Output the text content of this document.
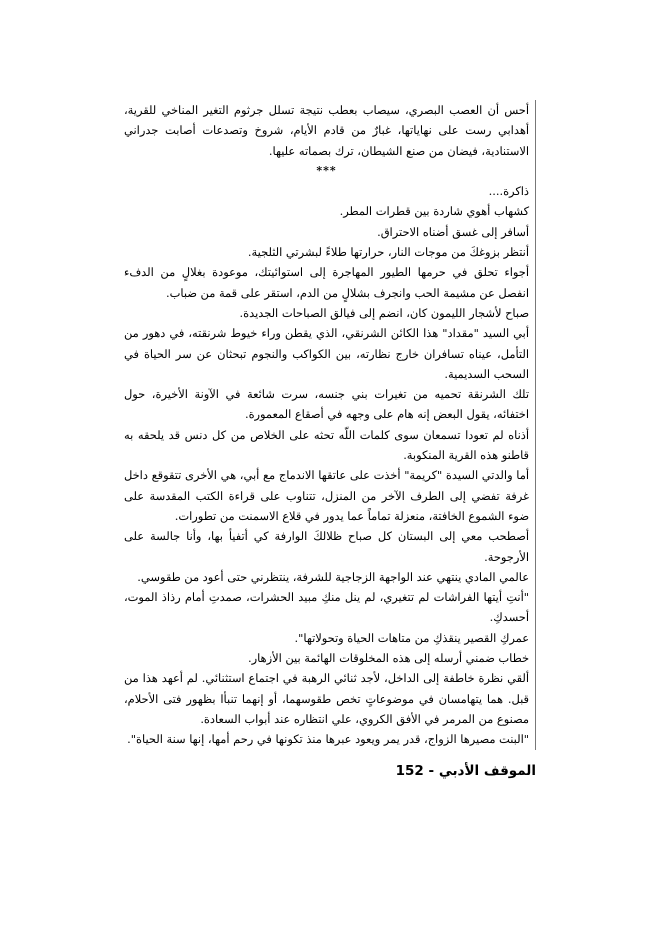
أحس أن العصب البصري، سيصاب بعطب نتيجة تسلل جرثوم التغير المناخي للقرية، أهدابي رست على نهاياتها، غبارٌ من قادم الأيام، شروخ وتصدعات أصابت جدراني الاستنادية، فيضان من صنع الشيطان، ترك بصماته عليها.

***

ذاكرة....

كشهاب أهوي شاردة بين قطرات المطر.

أسافر إلى غسق أضناه الاحتراق.

أنتظر بزوغكَ من موجات النار، حرارتها طلاءً لبشرتي الثلجية.

أجواء تحلق في حرمها الطيور المهاجرة إلى استوائيتك، موعودة بغلالٍ من الدفء انفصل عن مشيمة الحب وانجرف بشلالٍ من الدم، استقر على قمة من ضباب.

صباح لأشجار الليمون كان، انضم إلى فيالق الصباحات الجديدة.

أبي السيد "مقداد" هذا الكائن الشرنقي، الذي يقطن وراء خيوط شرنقته، في دهور من التأمل، عيناه تسافران خارج نظارته، بين الكواكب والنجوم تبحثان عن سر الحياة في السحب السديمية.

تلك الشرنقة تحميه من تغيرات بني جنسه، سرت شائعة في الآونة الأخيرة، حول اختفائه، يقول البعض إنه هام على وجهه في أصقاع المعمورة.

أذناه لم تعودا تسمعان سوى كلمات اللّه تحثه على الخلاص من كل دنس قد يلحقه به قاطنو هذه القرية المنكوبة.

أما والدتي السيدة "كريمة" أخذت على عاتقها الاندماج مع أبي، هي الأخرى تتقوقع داخل غرفة تفضي إلى الطرف الآخر من المنزل، تتناوب على قراءة الكتب المقدسة على ضوء الشموع الخافتة، منعزلة تماماً عما يدور في قلاع الاسمنت من تطورات.

أصطحب معي إلى البستان كل صباح ظلالكَ الوارفة كي أتفيأ بها، وأنا جالسة على الأرجوحة.

عالمي المادي ينتهي عند الواجهة الزجاجية للشرفة، ينتظرني حتى أعود من طقوسي.

"أنتِ أيتها الفراشات لم تتغيري، لم ينل منكِ مبيد الحشرات، صمدتِ أمام رذاذ الموت، أحسدكِ.

عمركِ القصير ينقذكِ من متاهات الحياة وتحولاتها".

خطاب ضمني أرسله إلى هذه المخلوقات الهائمة بين الأزهار.

ألقي نظرة خاطفة إلى الداخل، لأجد ثنائي الرهبة في اجتماع استثنائي. لم أعهد هذا من قبل. هما يتهامسان في موضوعاتٍ تخص طقوسهما، أو إنهما تنبأا بظهور فتى الأحلام، مصنوع من المرمر في الأفق الكروي، علي انتظاره عند أبواب السعادة.

"البنت مصيرها الزواج، قدر يمر ويعود عبرها منذ تكونها في رحم أمها، إنها سنة الحياة".

الموقف الأدبي - 152
